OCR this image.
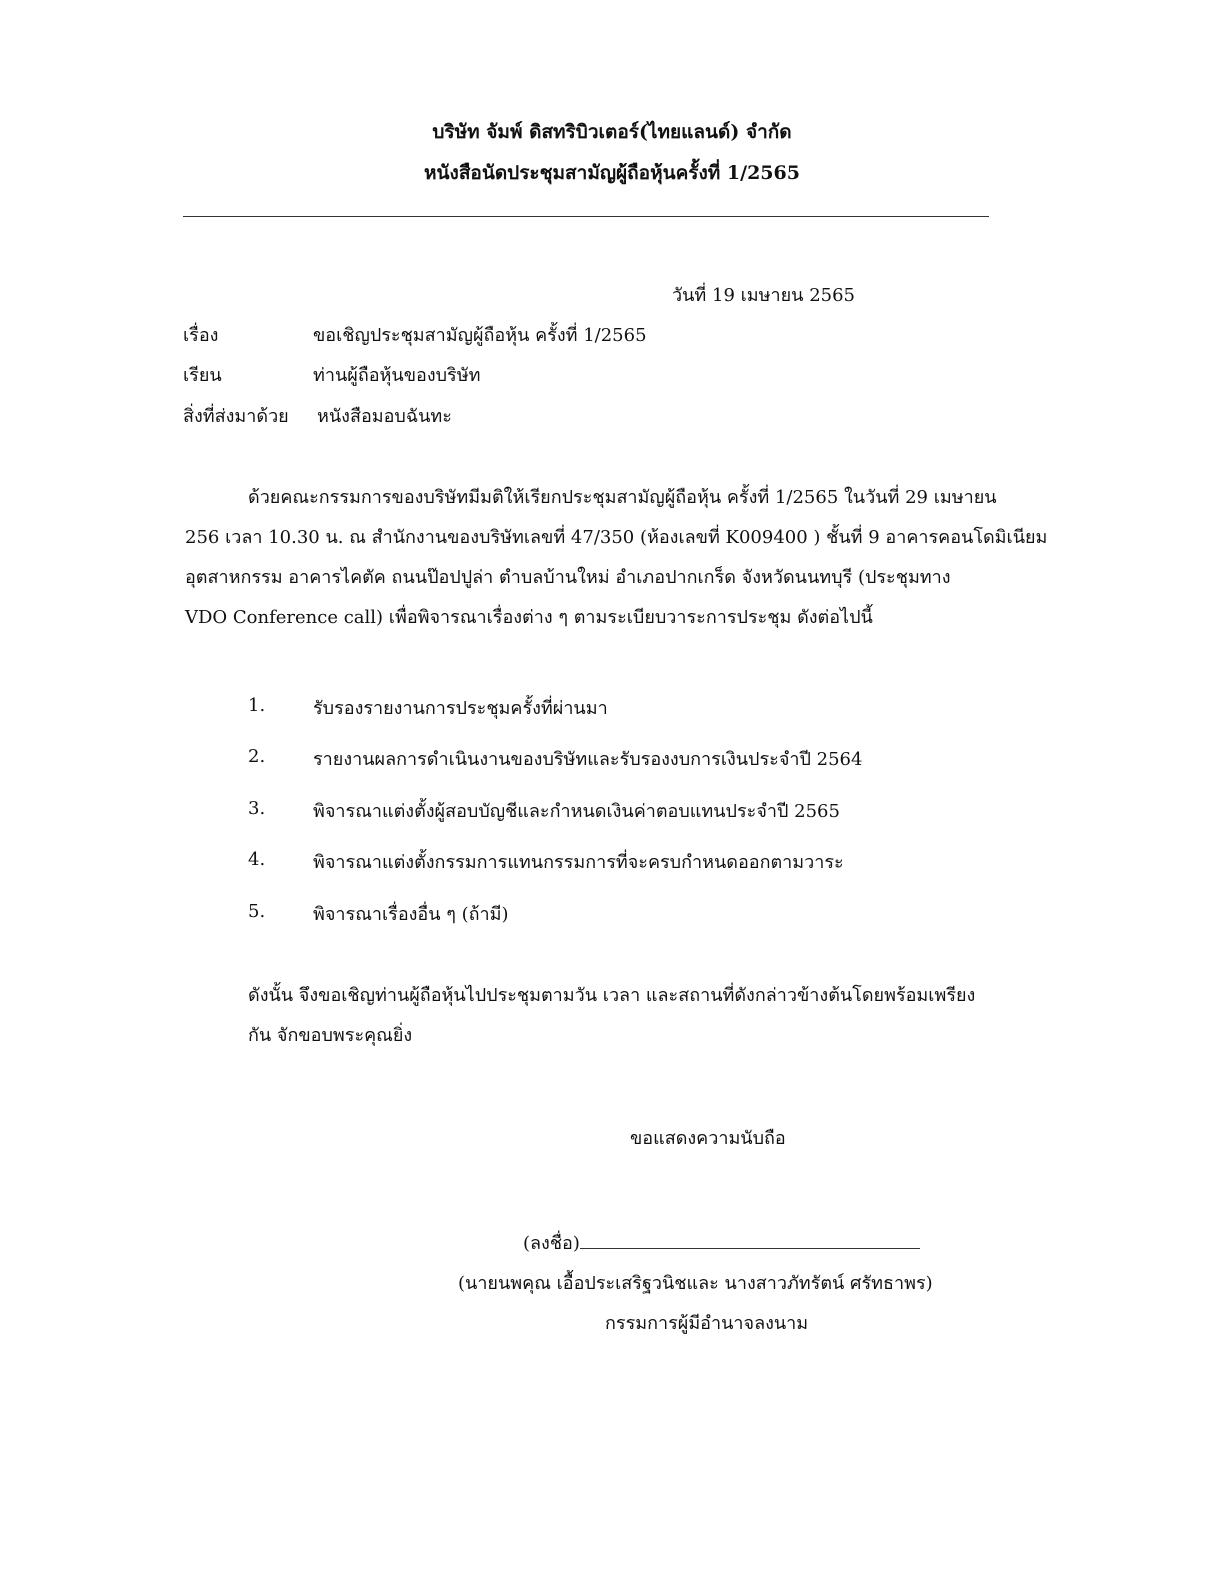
บริษัท จัมพ์ ดิสทริบิวเตอร์(ไทยแลนด์) จำกัด
หนังสือนัดประชุมสามัญผู้ถือหุ้นครั้งที่ 1/2565
วันที่ 19 เมษายน 2565
เรื่อง	ขอเชิญประชุมสามัญผู้ถือหุ้น ครั้งที่ 1/2565
เรียน	ท่านผู้ถือหุ้นของบริษัท
สิ่งที่ส่งมาด้วย หนังสือมอบฉันทะ
ด้วยคณะกรรมการของบริษัทมีมติให้เรียกประชุมสามัญผู้ถือหุ้น ครั้งที่ 1/2565 ในวันที่ 29 เมษายน
256 เวลา 10.30 น. ณ สำนักงานของบริษัทเลขที่ 47/350 (ห้องเลขที่ K009400 ) ชั้นที่ 9 อาคารคอนโดมิเนียม
อุตสาหกรรม อาคารไคตัค ถนนป๊อปปูล่า ตำบลบ้านใหม่ อำเภอปากเกร็ด จังหวัดนนทบุรี (ประชุมทาง
VDO Conference call) เพื่อพิจารณาเรื่องต่าง ๆ ตามระเบียบวาระการประชุม ดังต่อไปนี้
1.	รับรองรายงานการประชุมครั้งที่ผ่านมา
2.	รายงานผลการดำเนินงานของบริษัทและรับรองงบการเงินประจำปี 2564
3.	พิจารณาแต่งตั้งผู้สอบบัญชีและกำหนดเงินค่าตอบแทนประจำปี 2565
4.	พิจารณาแต่งตั้งกรรมการแทนกรรมการที่จะครบกำหนดออกตามวาระ
5.	พิจารณาเรื่องอื่น ๆ (ถ้ามี)
ดังนั้น จึงขอเชิญท่านผู้ถือหุ้นไปประชุมตามวัน เวลา และสถานที่ดังกล่าวข้างต้นโดยพร้อมเพรียง
กัน จักขอบพระคุณยิ่ง
ขอแสดงความนับถือ
(ลงชื่อ)
(นายนพคุณ เอื้อประเสริฐวนิชและ นางสาวภัทรัตน์ ศรัทธาพร)
กรรมการผู้มีอำนาจลงนาม
